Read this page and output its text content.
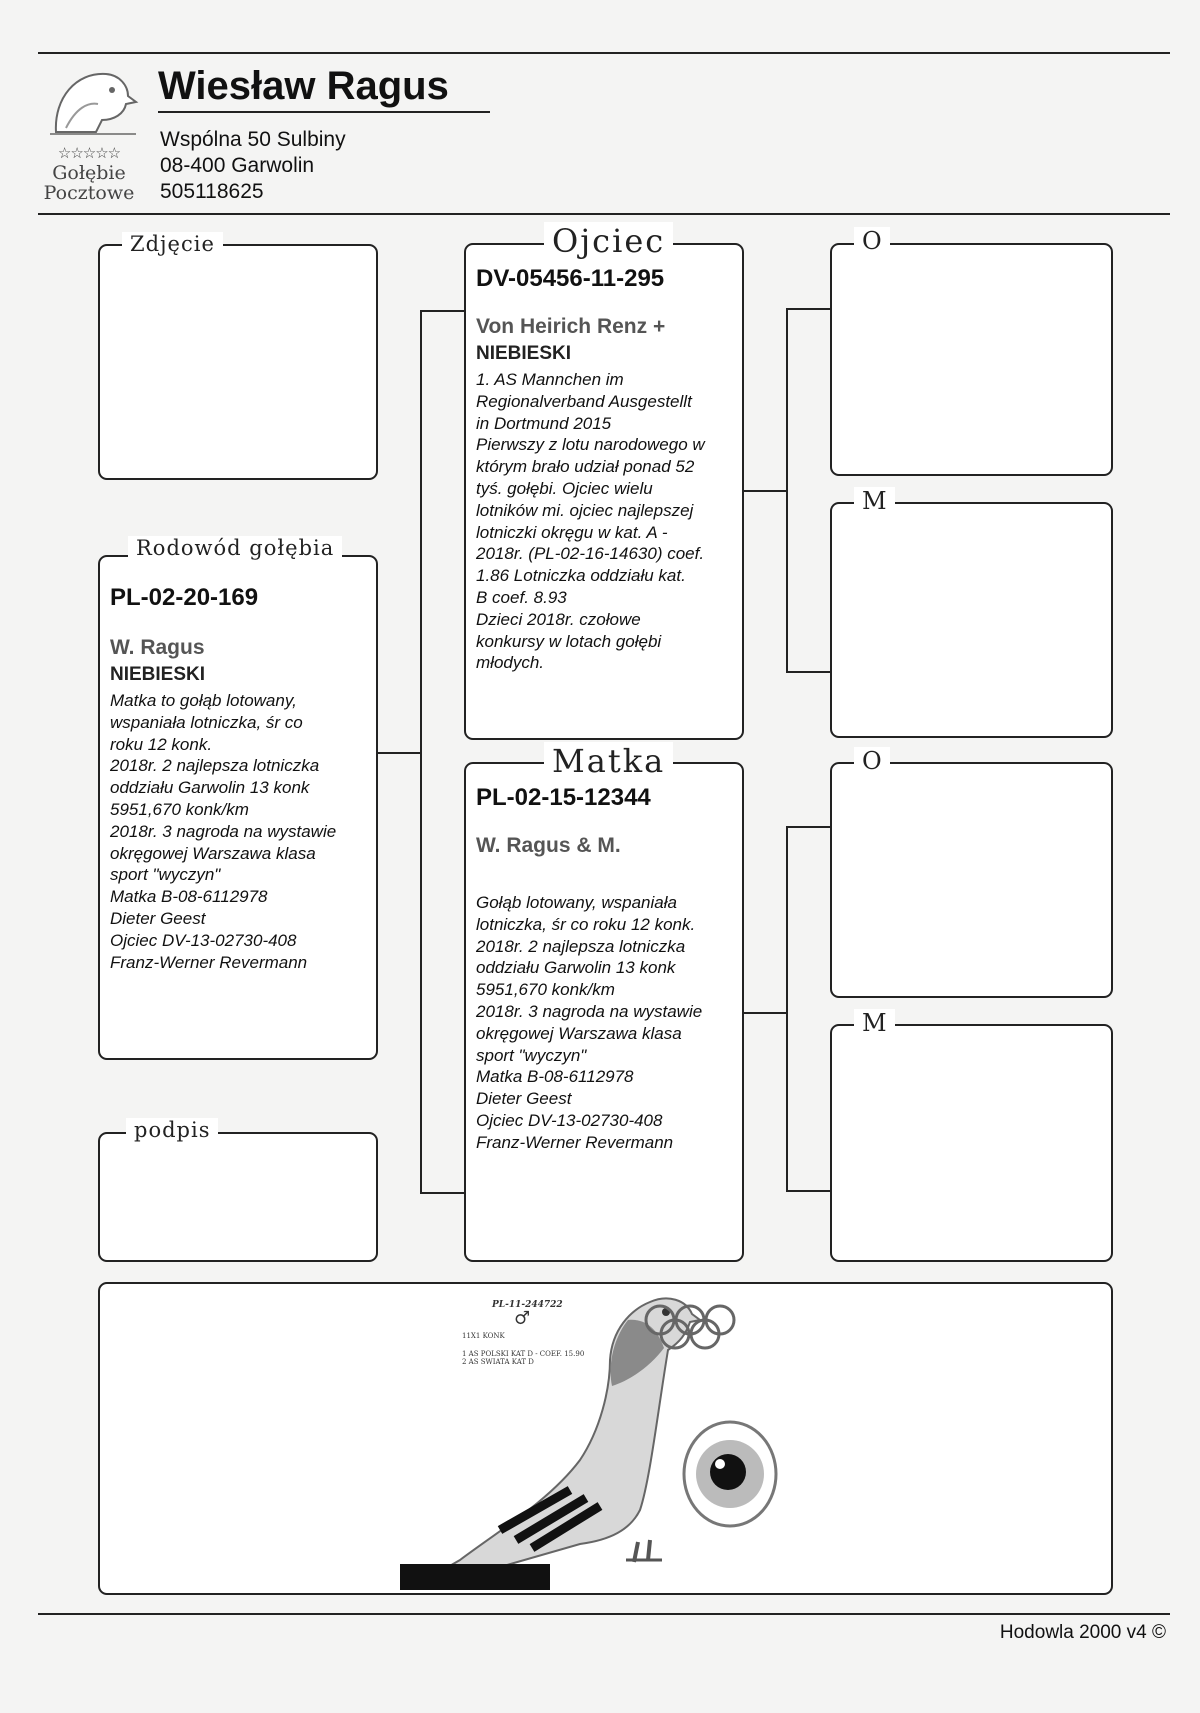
☆☆☆☆☆
Gołębie
Pocztowe
Wiesław Ragus
Wspólna 50 Sulbiny
08-400 Garwolin
505118625
Zdjęcie
PL-02-20-169
W. Ragus
NIEBIESKI
Matka to gołąb lotowany,
wspaniała lotniczka, śr co
roku 12 konk.
2018r. 2 najlepsza lotniczka
oddziału Garwolin 13 konk
5951,670 konk/km
2018r. 3 nagroda na wystawie
okręgowej Warszawa klasa
sport "wyczyn"
Matka B-08-6112978
Dieter Geest
Ojciec DV-13-02730-408
Franz-Werner Revermann
Rodowód gołębia
podpis
DV-05456-11-295
Von Heirich Renz +
NIEBIESKI
1. AS Mannchen im
Regionalverband Ausgestellt
in Dortmund 2015
Pierwszy z lotu narodowego w
którym brało udział ponad 52
tyś. gołębi. Ojciec wielu
lotników mi. ojciec najlepszej
lotniczki okręgu w kat. A -
2018r. (PL-02-16-14630) coef.
1.86 Lotniczka oddziału kat.
B coef. 8.93
Dzieci 2018r. czołowe
konkursy w lotach gołębi
młodych.
Ojciec
PL-02-15-12344
W. Ragus & M.
Gołąb lotowany, wspaniała
lotniczka, śr co roku 12 konk.
2018r. 2 najlepsza lotniczka
oddziału Garwolin 13 konk
5951,670 konk/km
2018r. 3 nagroda na wystawie
okręgowej Warszawa klasa
sport "wyczyn"
Matka B-08-6112978
Dieter Geest
Ojciec DV-13-02730-408
Franz-Werner Revermann
Matka
O
M
O
M
PL-11-244722
♂
11X1 KONK
1 AS POLSKI KAT D - COEF. 15.90
2 AS SWIATA KAT D
Hodowla 2000 v4 ©
